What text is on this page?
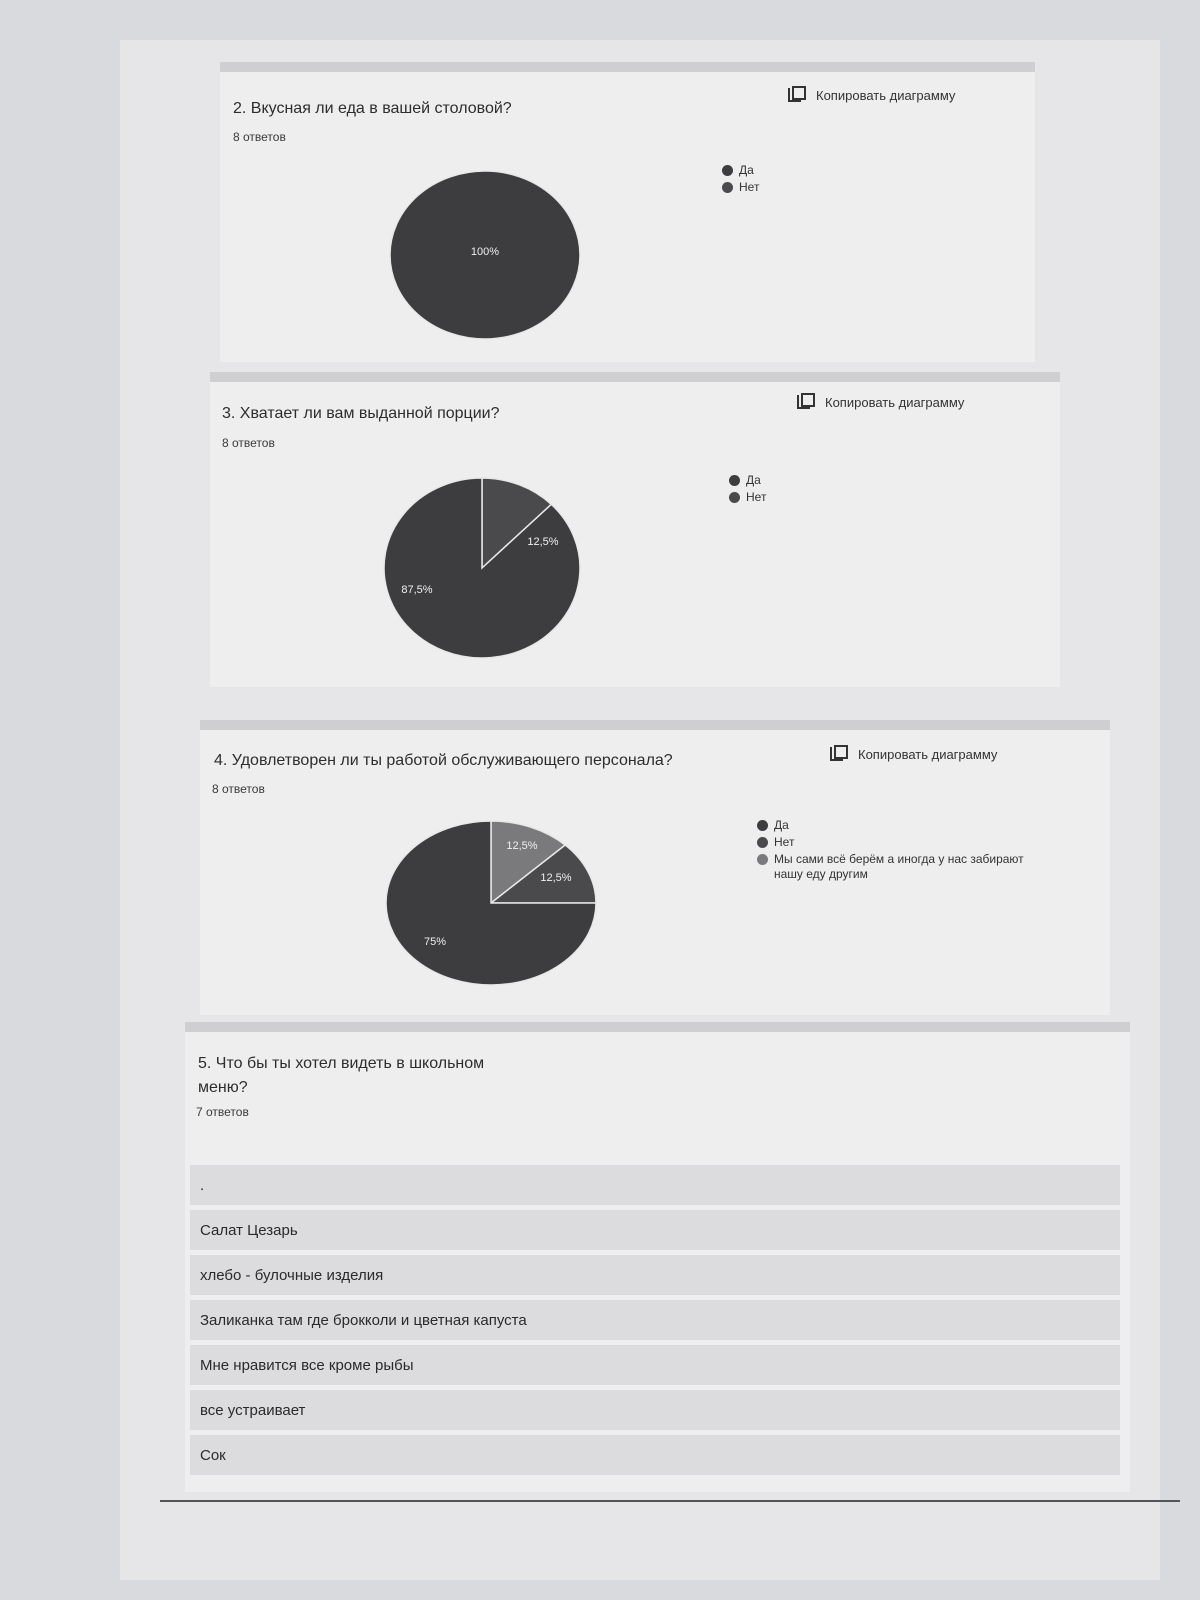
2. Вкусная ли еда в вашей столовой?
8 ответов
Копировать диаграмму
100%
Да
Нет
3. Хватает ли вам выданной порции?
8 ответов
Копировать диаграмму
87,5%
12,5%
Да
Нет
4. Удовлетворен ли ты работой обслуживающего персонала?
8 ответов
Копировать диаграмму
75%
12,5%
12,5%
Да
Нет
Мы сами всё берём а иногда у нас забирают нашу еду другим
5. Что бы ты хотел видеть в школьном
меню?
7 ответов
.
Салат Цезарь
хлебо - булочные изделия
Заликанка там где брокколи и цветная капуста
Мне нравится все кроме рыбы
все устраивает
Сок
